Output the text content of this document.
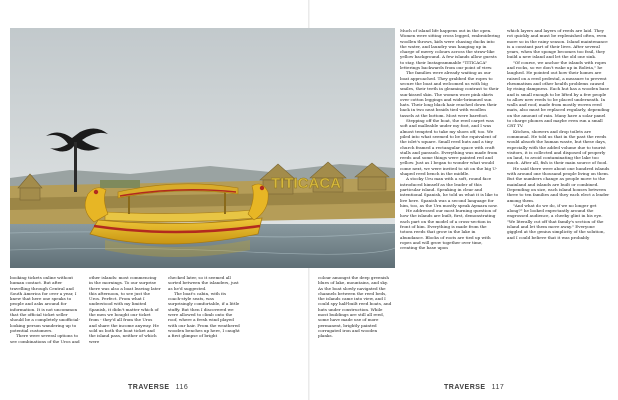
TITICACA

booking tickets online without human contact. But after travelling through Central and South America for over a year, I knew that here one speaks to people and asks around for information. It is not uncommon that the official ticket seller should be a completely unofficial-looking person wandering up to potential customers.

There were several options to see combinations of the Uros and

other islands: most commencing in the mornings. To our surprise there was also a boat leaving later this afternoon, to see just the Uros. Perfect. From what I understood with my limited Spanish, it didn't matter which of the men we bought our ticket from - they'd all from the Uros and share the income anyway. He sold us both the boat ticket and the island pass, neither of which were

checked later, so it seemed all sorted between the islanders, just as he'd suggested.

The boat's cabin, with its coach-style seats, was surprisingly comfortable, if a little stuffy. But then I discovered we were allowed to climb onto the roof, where a fresh wind played with our hair. From the weathered wooden benches up here, I caught a first glimpse of bright

colour amongst the deep greenish blues of lake, mountains, and sky. As the boat slowly navigated the channels between the reed beds, the islands came into view, and I could spy half-built reed boats, and huts under construction. While most buildings are still all reed, some have made use of more permanent, brightly painted corrugated iron and wooden planks.

Much of island life happens out in the open. Women were sitting cross legged, embroidering woollen throws, kids were chasing ducks into the water, and laundry was hanging up in charge of merry colours across the straw-like yellow background. A few islands allow guests to stay, their Instagrammable "TITICACA" letterings backwards from our point of view.

The families were already waiting as our boat approached. They grabbed the ropes to secure the boat and welcomed us with big smiles, their teeth in gleaming contrast to their sun-kissed skin. The women wore pink skirts over cotton leggings and wide-brimmed sun hats. Their long black hair reached down their back in two neat braids tied with woollen tassels at the bottom. Most were barefoot.

Stepping off the boat, the reed carpet was soft and malleable under my foot, and I was almost tempted to take my shoes off, too. We piled into what seemed to be the equivalent of the islet's square. Small reed huts and a tiny church framed a rectangular space with craft stalls and parasols. Everything was made from reeds and some things were painted red and yellow. Just as I began to wonder what would come next, we were invited to sit on the big U-shaped reed bench in the middle.

A stocky Uru man with a soft, round face introduced himself as the leader of this particular island. Speaking in clear and intentional Spanish, he told us what it is like to live here. Spanish was a second language for him, too, as the Uru mostly speak Aymara now.

He addressed our most burning question of how the islands are built, first, demonstrating each part on the model of a cross-section in front of him. Everything is made from the totora reeds that grow in the lake in abundance. Blocks of roots are tied up with ropes and will grow together over time, creating the base upon

which layers and layers of reeds are laid. They rot quickly and must be replenished often, even more so in the rainy season. Island maintenance is a constant part of their lives. After several years, when the sponge becomes too frail, they build a new island and let the old one sink.

"Of course, we anchor the islands with ropes and rocks, so we don't wake up in Bolivia," he laughed. He pointed out how their homes are raised on a reed pedestal, a measure to prevent rheumatism and other health problems caused by rising dampness. Each hut has a wooden base and is small enough to be lifted by a few people to allow new reeds to be placed underneath. In walls and roof, made from mostly woven reed mats, also must be replaced regularly, depending on the amount of rain. Many have a solar panel to charge phones and maybe even run a small CRT TV.

Kitchen, showers and drop toilets are communal. He told us that in the past the reeds would absorb the human waste, but these days, especially with the added volume due to tourist visitors, it is collected and disposed of properly on land, to avoid contaminating the lake too much. After all, fish is their main source of food.

He said there were about one hundred islands with around one thousand people living on them. But the numbers change as people move to the mainland and islands are built or combined. Depending on size, each island houses between three to ten families and they each elect a leader among them.

"And what do we do, if we no longer get along?" he looked expectantly around the engrossed audience, a cheeky glint in his eye. "We literally cut off that family's section of the island and let them move away." Everyone giggled at the genius simplicity of the solution, and I could believe that it was probably

TRAVERSE 116	TRAVERSE 117
